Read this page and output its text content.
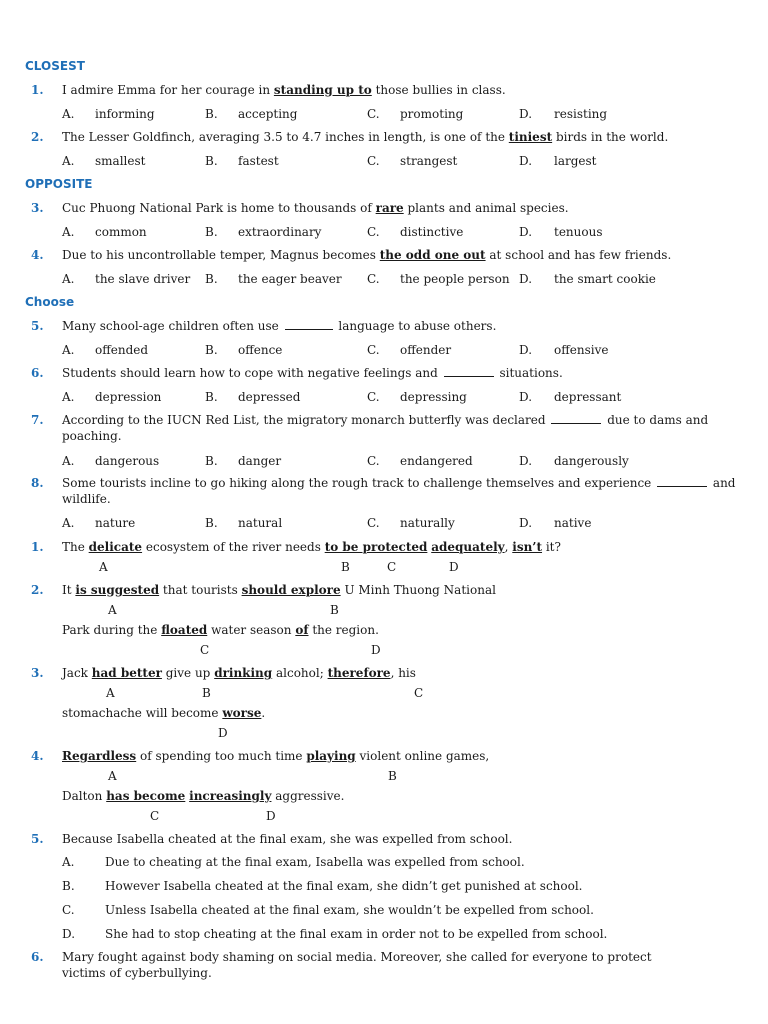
CLOSEST
1. I admire Emma for her courage in standing up to those bullies in class.
A. informing	B. accepting	C. promoting	D. resisting
2. The Lesser Goldfinch, averaging 3.5 to 4.7 inches in length, is one of the tiniest birds in the world.
A. smallest	B. fastest	C. strangest	D. largest
OPPOSITE
3. Cuc Phuong National Park is home to thousands of rare plants and animal species.
A. common	B. extraordinary	C. distinctive	D. tenuous
4. Due to his uncontrollable temper, Magnus becomes the odd one out at school and has few friends.
A. the slave driver B. the eager beaver C. the people person D. the smart cookie
Choose
5. Many school-age children often use	language to abuse others.
A. offended	B. offence	C. offender	D. offensive
6. Students should learn how to cope with negative feelings and	situations.
A. depression	B. depressed	C. depressing	D. depressant
7. According to the IUCN Red List, the migratory monarch butterfly was declared	due to dams and
poaching.
A. dangerous	B. danger	C. endangered	D. dangerously
8. Some tourists incline to go hiking along the rough track to challenge themselves and experience	and
wildlife.
A. nature	B. natural	C. naturally	D. native
1. The delicate ecosystem of the river needs to be protected adequately, isn’t it?
A	B	C	D
2. It is suggested that tourists should explore U Minh Thuong National
A	B
Park during the floated water season of the region.
C	D
3. Jack had better give up drinking alcohol; therefore, his
A	B	C
stomachache will become worse.
D
4. Regardless of spending too much time playing violent online games,
A	B
Dalton has become increasingly aggressive.
C	D
5. Because Isabella cheated at the final exam, she was expelled from school.
A.	Due to cheating at the final exam, Isabella was expelled from school.
B.	However Isabella cheated at the final exam, she didn’t get punished at school.
C.	Unless Isabella cheated at the final exam, she wouldn’t be expelled from school.
D. She had to stop cheating at the final exam in order not to be expelled from school.
6. Mary fought against body shaming on social media. Moreover, she called for everyone to protect
victims of cyberbullying.
